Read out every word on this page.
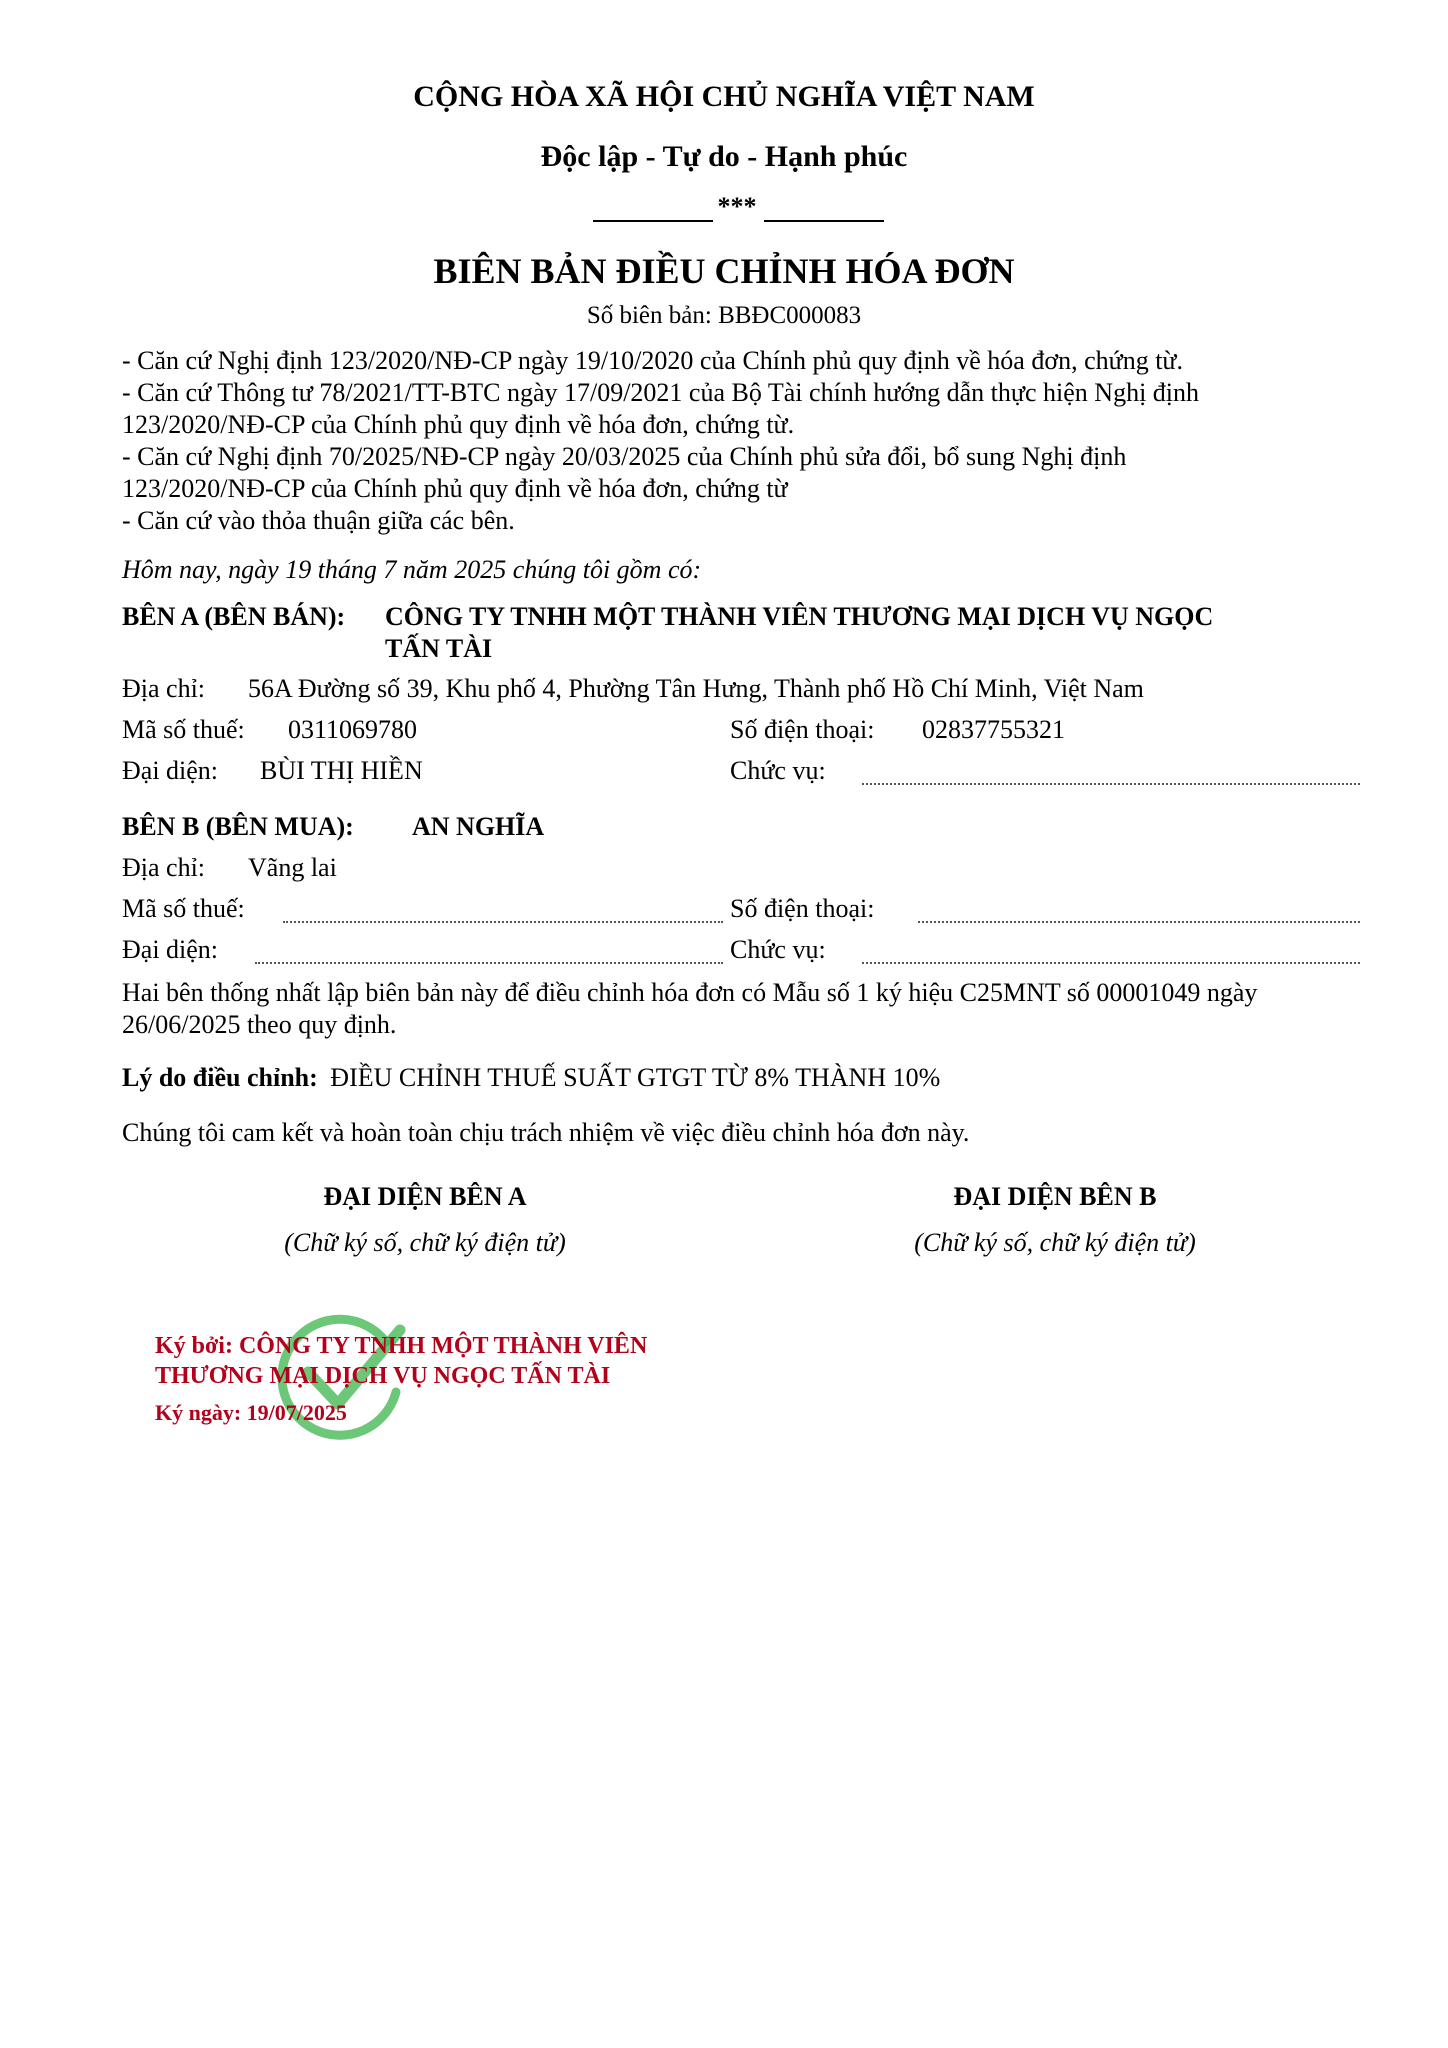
CỘNG HÒA XÃ HỘI CHỦ NGHĨA VIỆT NAM
Độc lập - Tự do - Hạnh phúc
***
BIÊN BẢN ĐIỀU CHỈNH HÓA ĐƠN
Số biên bản: BBĐC000083
- Căn cứ Nghị định 123/2020/NĐ-CP ngày 19/10/2020 của Chính phủ quy định về hóa đơn, chứng từ.
- Căn cứ Thông tư 78/2021/TT-BTC ngày 17/09/2021 của Bộ Tài chính hướng dẫn thực hiện Nghị định
123/2020/NĐ-CP của Chính phủ quy định về hóa đơn, chứng từ.
- Căn cứ Nghị định 70/2025/NĐ-CP ngày 20/03/2025 của Chính phủ sửa đổi, bổ sung Nghị định
123/2020/NĐ-CP của Chính phủ quy định về hóa đơn, chứng từ
- Căn cứ vào thỏa thuận giữa các bên.
Hôm nay, ngày 19 tháng 7 năm 2025 chúng tôi gồm có:
BÊN A (BÊN BÁN): CÔNG TY TNHH MỘT THÀNH VIÊN THƯƠNG MẠI DỊCH VỤ NGỌC
TẤN TÀI
Địa chỉ: 56A Đường số 39, Khu phố 4, Phường Tân Hưng, Thành phố Hồ Chí Minh, Việt Nam
Mã số thuế: 0311069780	Số điện thoại: 02837755321
Đại diện: BÙI THỊ HIỀN	Chức vụ:
BÊN B (BÊN MUA): AN NGHĨA
Địa chỉ: Vãng lai
Mã số thuế:	Số điện thoại:
Đại diện:	Chức vụ:
Hai bên thống nhất lập biên bản này để điều chỉnh hóa đơn có Mẫu số 1 ký hiệu C25MNT số 00001049 ngày
26/06/2025 theo quy định.
Lý do điều chỉnh: ĐIỀU CHỈNH THUẾ SUẤT GTGT TỪ 8% THÀNH 10%
Chúng tôi cam kết và hoàn toàn chịu trách nhiệm về việc điều chỉnh hóa đơn này.
ĐẠI DIỆN BÊN A
(Chữ ký số, chữ ký điện tử)
ĐẠI DIỆN BÊN B
(Chữ ký số, chữ ký điện tử)
Ký bởi: CÔNG TY TNHH MỘT THÀNH VIÊN
THƯƠNG MẠI DỊCH VỤ NGỌC TẤN TÀI
Ký ngày: 19/07/2025
